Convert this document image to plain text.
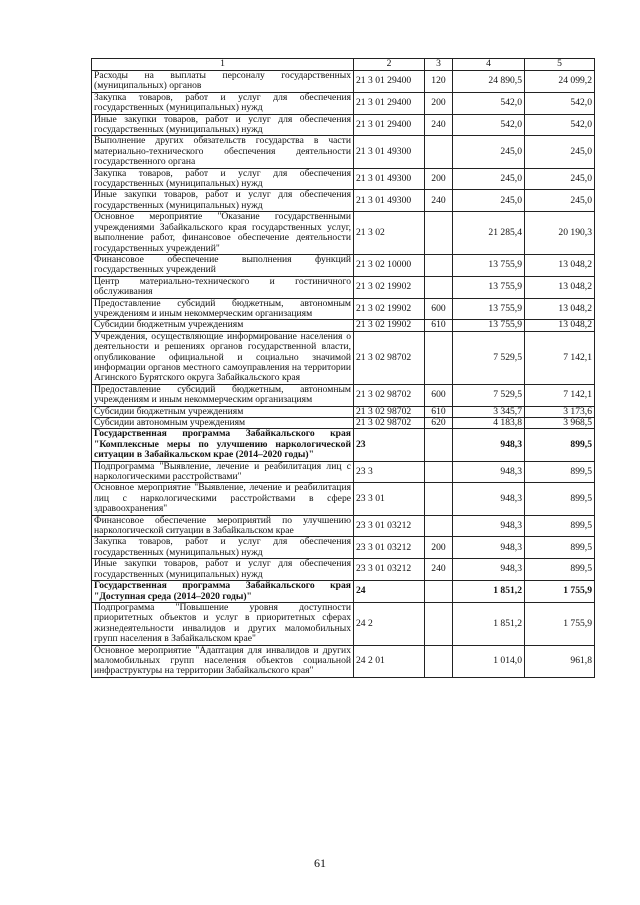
1	2	3	4	5
Расходы на выплаты персоналу государственных (муниципальных) органов	21 3 01 29400	120	24 890,5	24 099,2
Закупка товаров, работ и услуг для обеспечения государственных (муниципальных) нужд	21 3 01 29400	200	542,0	542,0
Иные закупки товаров, работ и услуг для обеспечения государственных (муниципальных) нужд	21 3 01 29400	240	542,0	542,0
Выполнение других обязательств государства в части материально-технического обеспечения деятельности государственного органа	21 3 01 49300		245,0	245,0
Закупка товаров, работ и услуг для обеспечения государственных (муниципальных) нужд	21 3 01 49300	200	245,0	245,0
Иные закупки товаров, работ и услуг для обеспечения государственных (муниципальных) нужд	21 3 01 49300	240	245,0	245,0
Основное мероприятие "Оказание государственными учреждениями Забайкальского края государственных услуг, выполнение работ, финансовое обеспечение деятельности государственных учреждений"	21 3 02		21 285,4	20 190,3
Финансовое обеспечение выполнения функций государственных учреждений	21 3 02 10000		13 755,9	13 048,2
Центр материально-технического и гостиничного обслуживания	21 3 02 19902		13 755,9	13 048,2
Предоставление субсидий бюджетным, автономным учреждениям и иным некоммерческим организациям	21 3 02 19902	600	13 755,9	13 048,2
Субсидии бюджетным учреждениям	21 3 02 19902	610	13 755,9	13 048,2
Учреждения, осуществляющие информирование населения о деятельности и решениях органов государственной власти, опубликование официальной и социально значимой информации органов местного самоуправления на территории Агинского Бурятского округа Забайкальского края	21 3 02 98702		7 529,5	7 142,1
Предоставление субсидий бюджетным, автономным учреждениям и иным некоммерческим организациям	21 3 02 98702	600	7 529,5	7 142,1
Субсидии бюджетным учреждениям	21 3 02 98702	610	3 345,7	3 173,6
Субсидии автономным учреждениям	21 3 02 98702	620	4 183,8	3 968,5
Государственная программа Забайкальского края "Комплексные меры по улучшению наркологической ситуации в Забайкальском крае (2014–2020 годы)"	23		948,3	899,5
Подпрограмма "Выявление, лечение и реабилитация лиц с наркологическими расстройствами"	23 3		948,3	899,5
Основное мероприятие "Выявление, лечение и реабилитация лиц с наркологическими расстройствами в сфере здравоохранения"	23 3 01		948,3	899,5
Финансовое обеспечение мероприятий по улучшению наркологической ситуации в Забайкальском крае	23 3 01 03212		948,3	899,5
Закупка товаров, работ и услуг для обеспечения государственных (муниципальных) нужд	23 3 01 03212	200	948,3	899,5
Иные закупки товаров, работ и услуг для обеспечения государственных (муниципальных) нужд	23 3 01 03212	240	948,3	899,5
Государственная программа Забайкальского края "Доступная среда (2014–2020 годы)"	24		1 851,2	1 755,9
Подпрограмма "Повышение уровня доступности приоритетных объектов и услуг в приоритетных сферах жизнедеятельности инвалидов и других маломобильных групп населения в Забайкальском крае"	24 2		1 851,2	1 755,9
Основное мероприятие "Адаптация для инвалидов и других маломобильных групп населения объектов социальной инфраструктуры на территории Забайкальского края"	24 2 01		1 014,0	961,8
61
